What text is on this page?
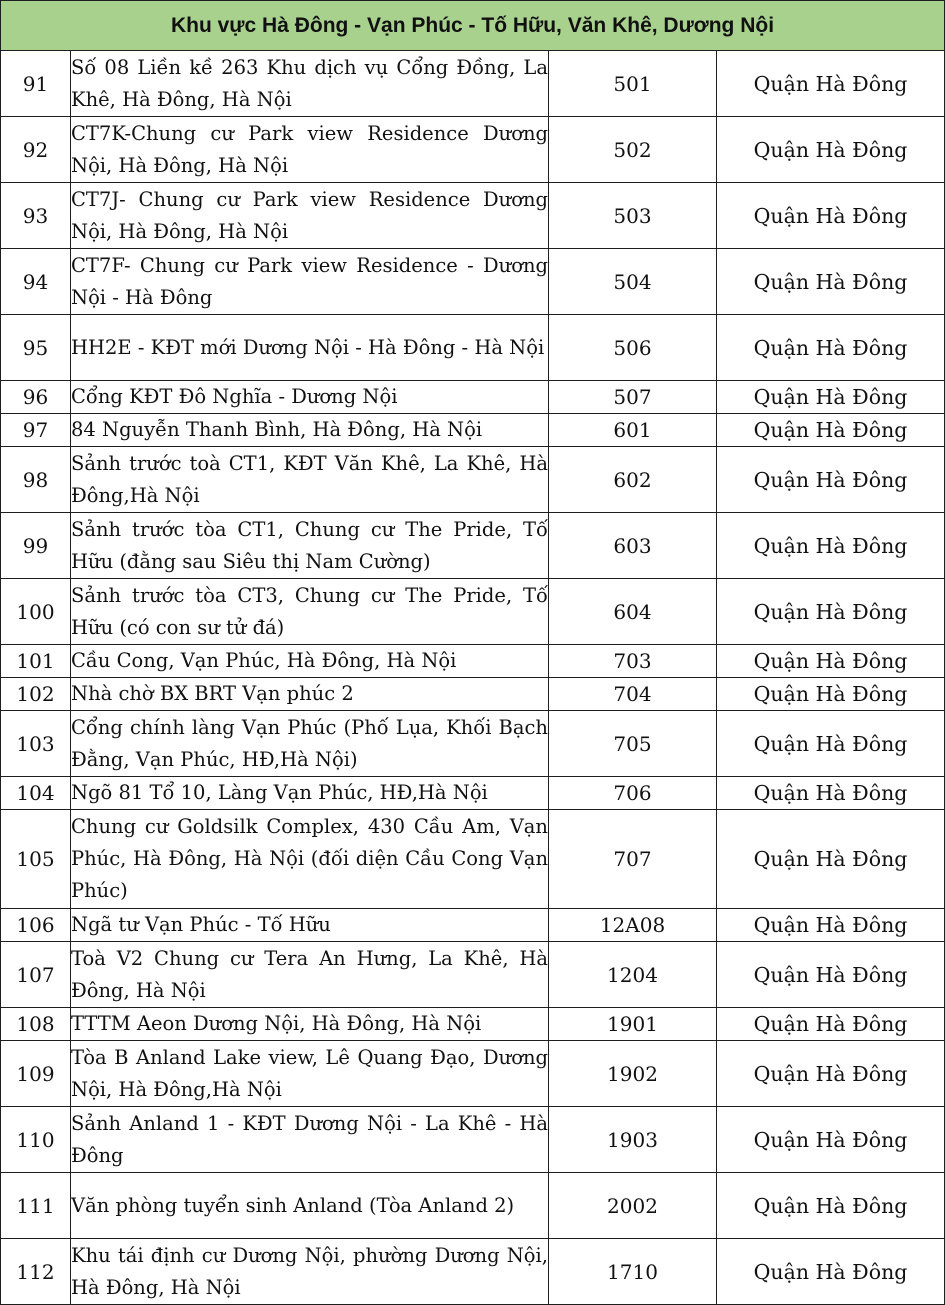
Khu vực Hà Đông - Vạn Phúc - Tố Hữu, Văn Khê, Dương Nội			
91	Số 08 Liền kề 263 Khu dịch vụ Cổng Đồng, La Khê, Hà Đông, Hà Nội	501	Quận Hà Đông
92	CT7K-Chung cư Park view Residence Dương Nội, Hà Đông, Hà Nội	502	Quận Hà Đông
93	CT7J- Chung cư Park view Residence Dương Nội, Hà Đông, Hà Nội	503	Quận Hà Đông
94	CT7F- Chung cư Park view Residence - Dương Nội - Hà Đông	504	Quận Hà Đông
95	HH2E - KĐT mới Dương Nội - Hà Đông - Hà Nội	506	Quận Hà Đông
96	Cổng KĐT Đô Nghĩa - Dương Nội	507	Quận Hà Đông
97	84 Nguyễn Thanh Bình, Hà Đông, Hà Nội	601	Quận Hà Đông
98	Sảnh trước toà CT1, KĐT Văn Khê, La Khê, Hà Đông,Hà Nội	602	Quận Hà Đông
99	Sảnh trước tòa CT1, Chung cư The Pride, Tố Hữu (đằng sau Siêu thị Nam Cường)	603	Quận Hà Đông
100	Sảnh trước tòa CT3, Chung cư The Pride, Tố Hữu (có con sư tử đá)	604	Quận Hà Đông
101	Cầu Cong, Vạn Phúc, Hà Đông, Hà Nội	703	Quận Hà Đông
102	Nhà chờ BX BRT Vạn phúc 2	704	Quận Hà Đông
103	Cổng chính làng Vạn Phúc (Phố Lụa, Khối Bạch Đằng, Vạn Phúc, HĐ,Hà Nội)	705	Quận Hà Đông
104	Ngõ 81 Tổ 10, Làng Vạn Phúc, HĐ,Hà Nội	706	Quận Hà Đông
105	Chung cư Goldsilk Complex, 430 Cầu Am, Vạn Phúc, Hà Đông, Hà Nội (đối diện Cầu Cong Vạn Phúc)	707	Quận Hà Đông
106	Ngã tư Vạn Phúc - Tố Hữu	12A08	Quận Hà Đông
107	Toà V2 Chung cư Tera An Hưng, La Khê, Hà Đông, Hà Nội	1204	Quận Hà Đông
108	TTTM Aeon Dương Nội, Hà Đông, Hà Nội	1901	Quận Hà Đông
109	Tòa B Anland Lake view, Lê Quang Đạo, Dương Nội, Hà Đông,Hà Nội	1902	Quận Hà Đông
110	Sảnh Anland 1 - KĐT Dương Nội - La Khê - Hà Đông	1903	Quận Hà Đông
111	Văn phòng tuyển sinh Anland (Tòa Anland 2)	2002	Quận Hà Đông
112	Khu tái định cư Dương Nội, phường Dương Nội, Hà Đông, Hà Nội	1710	Quận Hà Đông
